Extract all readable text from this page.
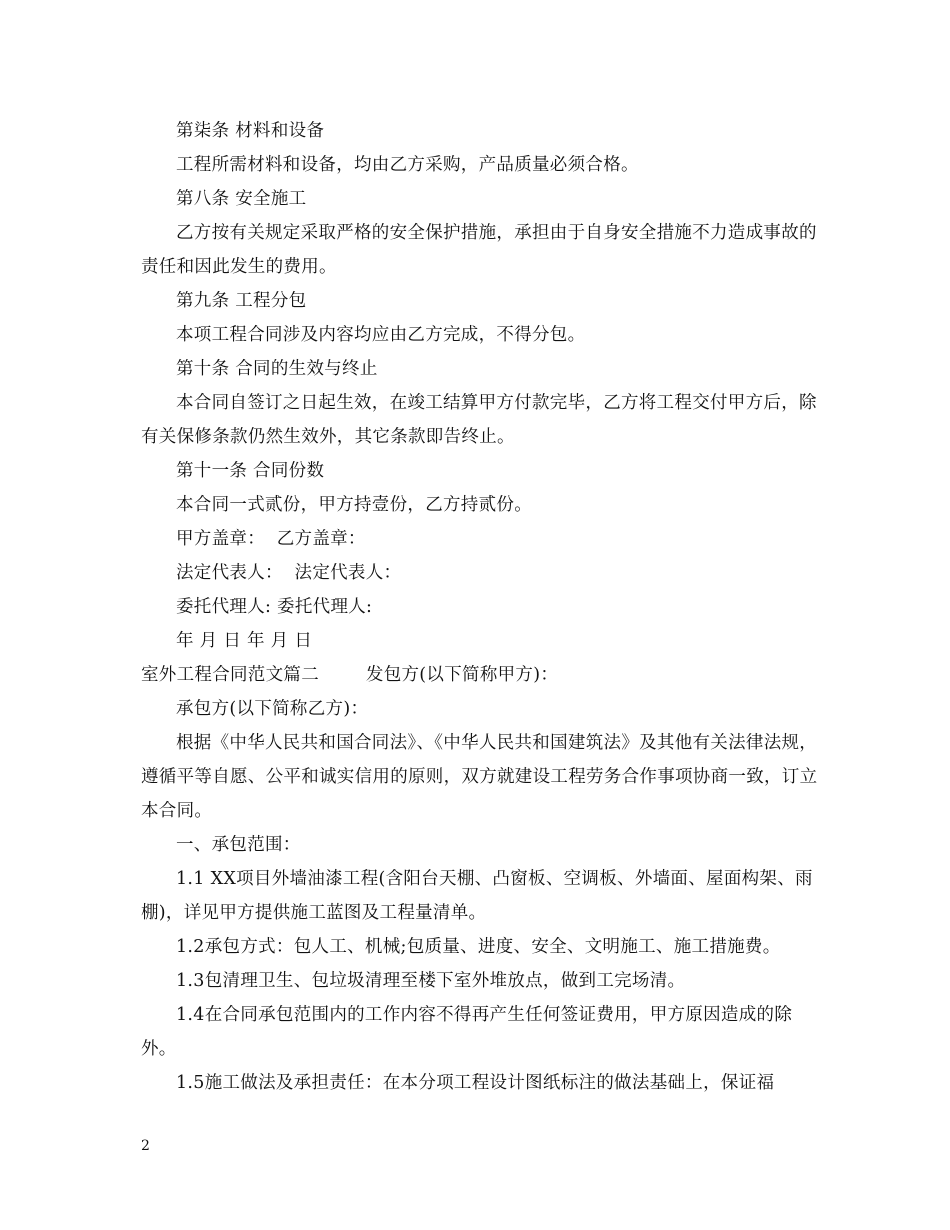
第柒条 材料和设备

工程所需材料和设备，均由乙方采购，产品质量必须合格。

第八条 安全施工

乙方按有关规定采取严格的安全保护措施，承担由于自身安全措施不力造成事故的责任和因此发生的费用。

第九条 工程分包

本项工程合同涉及内容均应由乙方完成，不得分包。

第十条 合同的生效与终止

本合同自签订之日起生效，在竣工结算甲方付款完毕，乙方将工程交付甲方后，除有关保修条款仍然生效外，其它条款即告终止。

第十一条 合同份数

本合同一式贰份，甲方持壹份，乙方持贰份。

甲方盖章：  乙方盖章：

法定代表人：  法定代表人：

委托代理人: 委托代理人:

年 月 日 年 月 日

室外工程合同范文篇二        发包方(以下简称甲方)：

承包方(以下简称乙方)：

根据《中华人民共和国合同法》、《中华人民共和国建筑法》及其他有关法律法规，遵循平等自愿、公平和诚实信用的原则，双方就建设工程劳务合作事项协商一致，订立本合同。

一、承包范围：

1.1 XX项目外墙油漆工程(含阳台天棚、凸窗板、空调板、外墙面、屋面构架、雨棚)，详见甲方提供施工蓝图及工程量清单。

1.2承包方式：包人工、机械;包质量、进度、安全、文明施工、施工措施费。

1.3包清理卫生、包垃圾清理至楼下室外堆放点，做到工完场清。

1.4在合同承包范围内的工作内容不得再产生任何签证费用，甲方原因造成的除外。

1.5施工做法及承担责任：在本分项工程设计图纸标注的做法基础上，保证福

2
